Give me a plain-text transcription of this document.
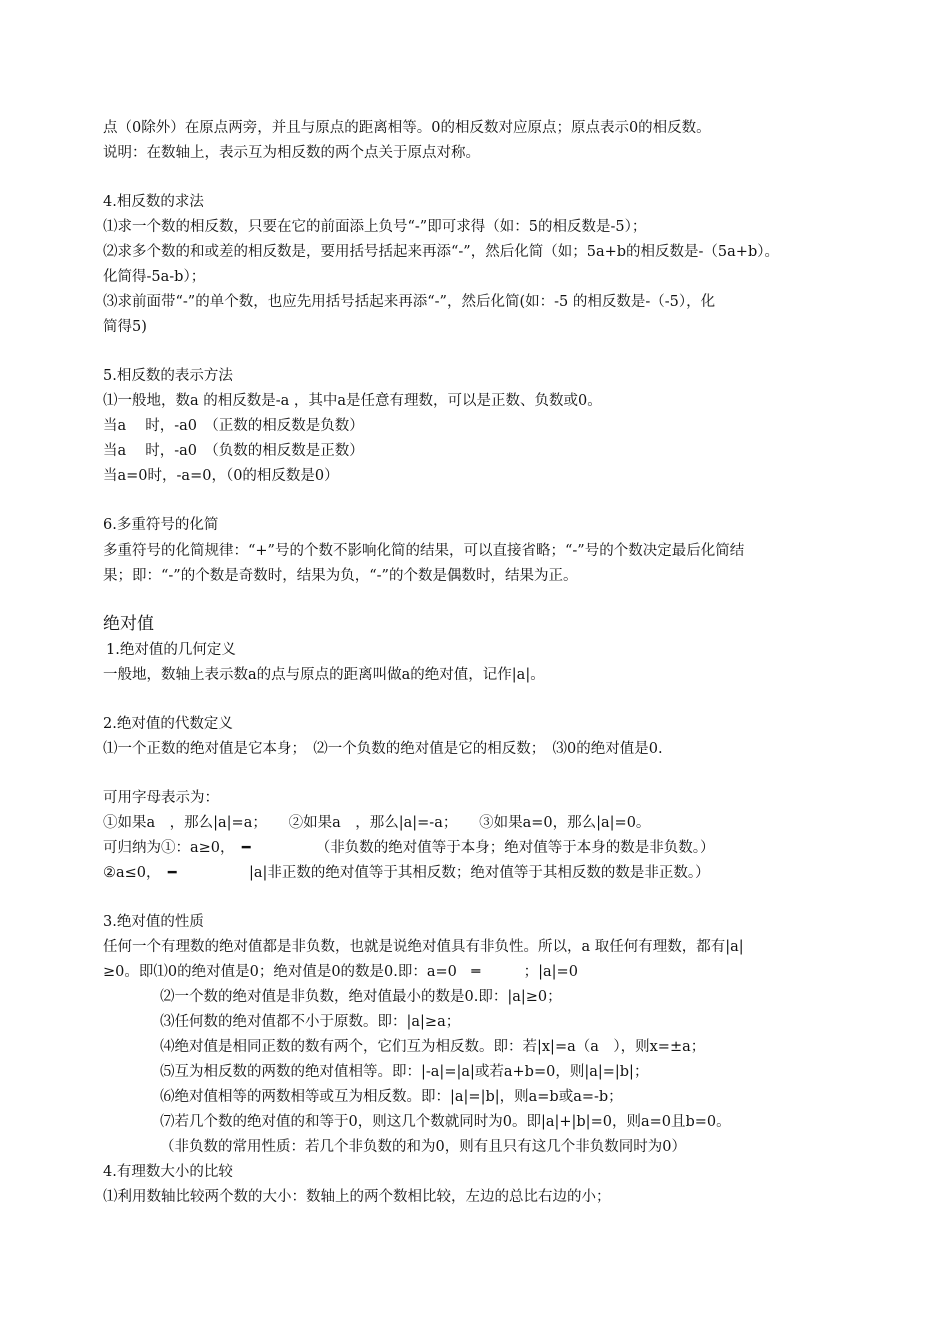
点（0除外）在原点两旁，并且与原点的距离相等。0的相反数对应原点；原点表示0的相反数。
说明：在数轴上，表示互为相反数的两个点关于原点对称。
4.相反数的求法
⑴求一个数的相反数，只要在它的前面添上负号“-”即可求得（如：5的相反数是-5）；
⑵求多个数的和或差的相反数是，要用括号括起来再添“-”，然后化简（如；5a+b的相反数是-（5a+b）。
化简得-5a-b）；
⑶求前面带“-”的单个数，也应先用括号括起来再添“-”，然后化简(如：-5 的相反数是-（-5），化
简得5)
5.相反数的表示方法
⑴一般地，数a 的相反数是-a ，其中a是任意有理数，可以是正数、负数或0。
当a　 时，-a0　（正数的相反数是负数）
当a　 时，-a0　（负数的相反数是正数）
当a=0时，-a=0，（0的相反数是0）
6.多重符号的化简
多重符号的化简规律：“+”号的个数不影响化简的结果，可以直接省略；“-”号的个数决定最后化简结
果；即：“-”的个数是奇数时，结果为负，“-”的个数是偶数时，结果为正。
绝对值
1.绝对值的几何定义
一般地，数轴上表示数a的点与原点的距离叫做a的绝对值，记作|a|。
2.绝对值的代数定义
⑴一个正数的绝对值是它本身；　⑵一个负数的绝对值是它的相反数；　⑶0的绝对值是0.
可用字母表示为：
①如果a　，那么|a|=a；　　②如果a　，那么|a|=-a；　　③如果a=0，那么|a|=0。
可归纳为①：a≥0，　━　　　　　（非负数的绝对值等于本身；绝对值等于本身的数是非负数。）
②a≤0，　━　　　　　|a|非正数的绝对值等于其相反数；绝对值等于其相反数的数是非正数。）
3.绝对值的性质
任何一个有理数的绝对值都是非负数，也就是说绝对值具有非负性。所以，a 取任何有理数，都有|a|
≥0。即⑴0的绝对值是0；绝对值是0的数是0.即：a=0　═　　　；|a|=0
⑵一个数的绝对值是非负数，绝对值最小的数是0.即：|a|≥0；
⑶任何数的绝对值都不小于原数。即：|a|≥a；
⑷绝对值是相同正数的数有两个，它们互为相反数。即：若|x|=a（a　），则x=±a；
⑸互为相反数的两数的绝对值相等。即：|-a|=|a|或若a+b=0，则|a|=|b|；
⑹绝对值相等的两数相等或互为相反数。即：|a|=|b|，则a=b或a=-b；
⑺若几个数的绝对值的和等于0，则这几个数就同时为0。即|a|+|b|=0，则a=0且b=0。
（非负数的常用性质：若几个非负数的和为0，则有且只有这几个非负数同时为0）
4.有理数大小的比较
⑴利用数轴比较两个数的大小：数轴上的两个数相比较，左边的总比右边的小；
